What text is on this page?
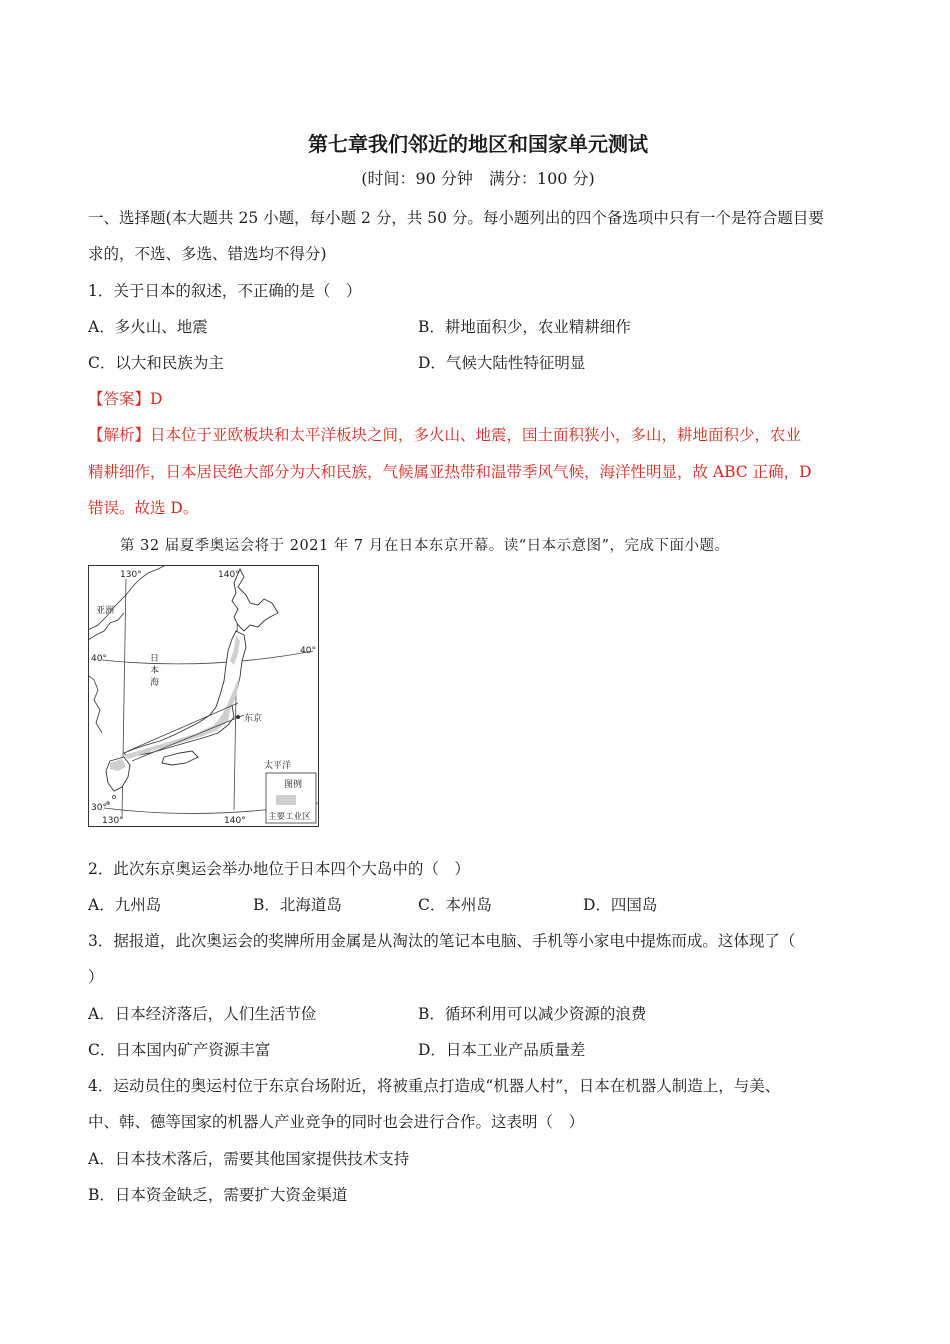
第七章我们邻近的地区和国家单元测试
(时间：90 分钟　满分：100 分)
一、选择题(本大题共 25 小题，每小题 2 分，共 50 分。每小题列出的四个备选项中只有一个是符合题目要
求的，不选、多选、错选均不得分)
1．关于日本的叙述，不正确的是（　）
A．多火山、地震	B．耕地面积少，农业精耕细作
C．以大和民族为主	D．气候大陆性特征明显
【答案】D
【解析】日本位于亚欧板块和太平洋板块之间，多火山、地震，国土面积狭小，多山，耕地面积少，农业
精耕细作，日本居民绝大部分为大和民族，气候属亚热带和温带季风气候，海洋性明显，故 ABC 正确，D
错误。故选 D。
第 32 届夏季奥运会将于 2021 年 7 月在日本东京开幕。读“日本示意图”，完成下面小题。
130°	140°
40°
40°
30°
130°	140°
亚洲
日
本
海
东京
太平洋
图例
主要工业区
2．此次东京奥运会举办地位于日本四个大岛中的（　）
A．九州岛	B．北海道岛	C．本州岛	D．四国岛
3．据报道，此次奥运会的奖牌所用金属是从淘汰的笔记本电脑、手机等小家电中提炼而成。这体现了（
）
A．日本经济落后，人们生活节俭	B．循环利用可以减少资源的浪费
C．日本国内矿产资源丰富	D．日本工业产品质量差
4．运动员住的奥运村位于东京台场附近，将被重点打造成“机器人村”，日本在机器人制造上，与美、
中、韩、德等国家的机器人产业竞争的同时也会进行合作。这表明（　）
A．日本技术落后，需要其他国家提供技术支持
B．日本资金缺乏，需要扩大资金渠道
